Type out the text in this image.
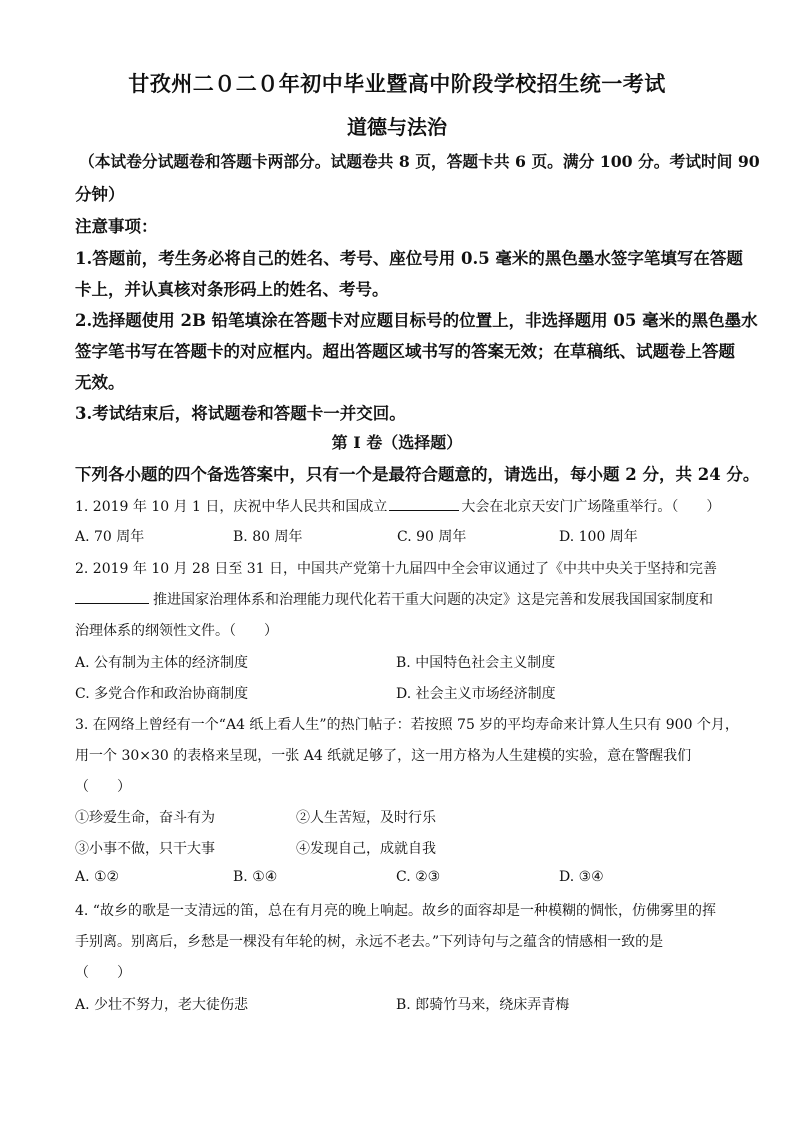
甘孜州二０二０年初中毕业暨高中阶段学校招生统一考试
道德与法治
（本试卷分试题卷和答题卡两部分。试题卷共 8 页，答题卡共 6 页。满分 100 分。考试时间 90
分钟）
注意事项：
1.答题前，考生务必将自己的姓名、考号、座位号用 0.5 毫米的黑色墨水签字笔填写在答题
卡上，并认真核对条形码上的姓名、考号。
2.选择题使用 2B 铅笔填涂在答题卡对应题目标号的位置上，非选择题用 05 毫米的黑色墨水
签字笔书写在答题卡的对应框内。超出答题区域书写的答案无效；在草稿纸、试题卷上答题
无效。
3.考试结束后，将试题卷和答题卡一并交回。
第 I 卷（选择题）
下列各小题的四个备选答案中，只有一个是最符合题意的，请选出，每小题 2 分，共 24 分。
1. 2019 年 10 月 1 日，庆祝中华人民共和国成立	大会在北京天安门广场隆重举行。（　　）
A. 70 周年	B. 80 周年	C. 90 周年	D. 100 周年
2. 2019 年 10 月 28 日至 31 日，中国共产党第十九届四中全会审议通过了《中共中央关于坚持和完善
推进国家治理体系和治理能力现代化若干重大问题的决定》这是完善和发展我国国家制度和
治理体系的纲领性文件。（　　）
A. 公有制为主体的经济制度	B. 中国特色社会主义制度
C. 多党合作和政治协商制度	D. 社会主义市场经济制度
3. 在网络上曾经有一个“A4 纸上看人生”的热门帖子：若按照 75 岁的平均寿命来计算人生只有 900 个月，
用一个 30×30 的表格来呈现，一张 A4 纸就足够了，这一用方格为人生建模的实验，意在警醒我们
（　　）
①珍爱生命，奋斗有为	②人生苦短，及时行乐
③小事不做，只干大事	④发现自己，成就自我
A. ①②	B. ①④	C. ②③	D. ③④
4. “故乡的歌是一支清远的笛，总在有月亮的晚上响起。故乡的面容却是一种模糊的惆怅，仿佛雾里的挥
手别离。别离后，乡愁是一棵没有年轮的树，永远不老去。”下列诗句与之蕴含的情感相一致的是
（　　）
A. 少壮不努力，老大徒伤悲	B. 郎骑竹马来，绕床弄青梅
